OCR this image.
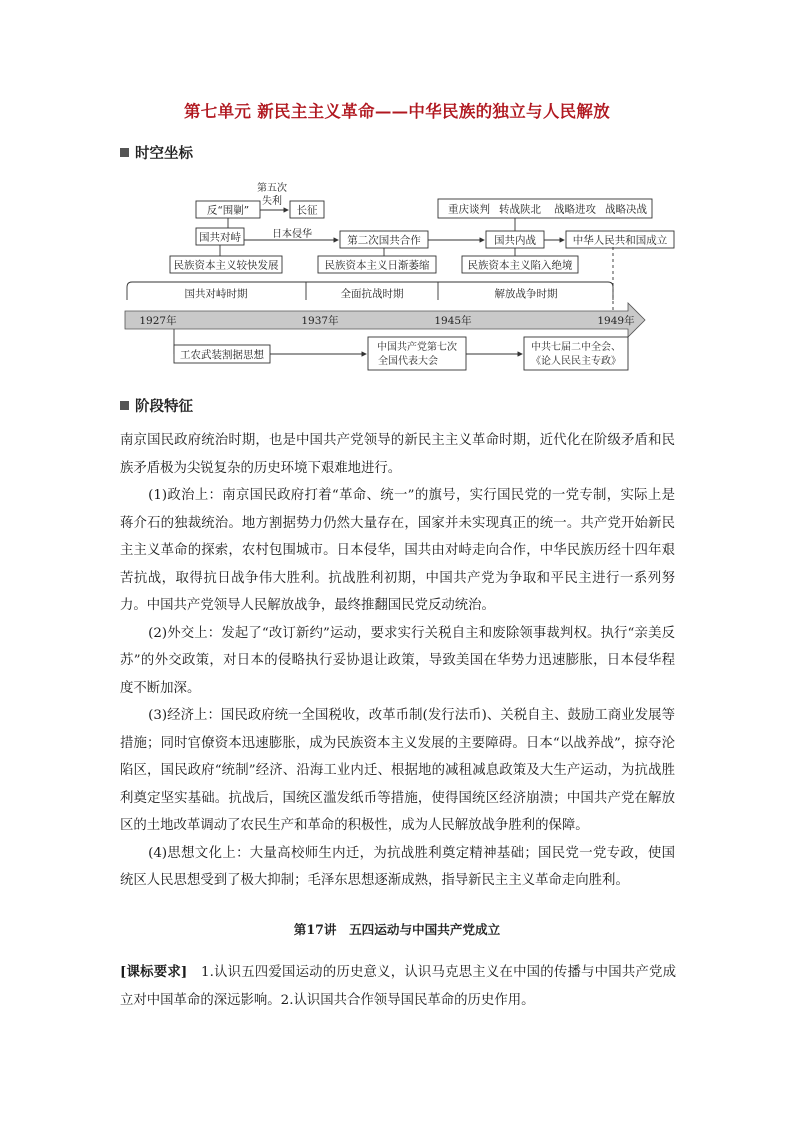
第七单元 新民主主义革命——中华民族的独立与人民解放
时空坐标
反“围剿”
第五次
失利
长征	重庆谈判 转战陕北 战略进攻 战略决战
国共对峙	日本侵华	第二次国共合作	国共内战	中华人民共和国成立
民族资本主义较快发展	民族资本主义日渐萎缩	民族资本主义陷入绝境
国共对峙时期	全面抗战时期	解放战争时期
1927年	1937年	1945年	1949年
工农武装割据思想
中国共产党第七次
全国代表大会
中共七届二中全会、
《论人民民主专政》
阶段特征

南京国民政府统治时期，也是中国共产党领导的新民主主义革命时期，近代化在阶级矛盾和民族矛盾极为尖锐复杂的历史环境下艰难地进行。

(1)政治上：南京国民政府打着“革命、统一”的旗号，实行国民党的一党专制，实际上是蒋介石的独裁统治。地方割据势力仍然大量存在，国家并未实现真正的统一。共产党开始新民主主义革命的探索，农村包围城市。日本侵华，国共由对峙走向合作，中华民族历经十四年艰苦抗战，取得抗日战争伟大胜利。抗战胜利初期，中国共产党为争取和平民主进行一系列努力。中国共产党领导人民解放战争，最终推翻国民党反动统治。

(2)外交上：发起了“改订新约”运动，要求实行关税自主和废除领事裁判权。执行“亲美反苏”的外交政策，对日本的侵略执行妥协退让政策，导致美国在华势力迅速膨胀，日本侵华程度不断加深。

(3)经济上：国民政府统一全国税收，改革币制(发行法币)、关税自主、鼓励工商业发展等措施；同时官僚资本迅速膨胀，成为民族资本主义发展的主要障碍。日本“以战养战”，掠夺沦陷区，国民政府“统制”经济、沿海工业内迁、根据地的减租减息政策及大生产运动，为抗战胜利奠定坚实基础。抗战后，国统区滥发纸币等措施，使得国统区经济崩溃；中国共产党在解放区的土地改革调动了农民生产和革命的积极性，成为人民解放战争胜利的保障。

(4)思想文化上：大量高校师生内迁，为抗战胜利奠定精神基础；国民党一党专政，使国统区人民思想受到了极大抑制；毛泽东思想逐渐成熟，指导新民主主义革命走向胜利。

第17讲　五四运动与中国共产党成立
[课标要求]　1.认识五四爱国运动的历史意义，认识马克思主义在中国的传播与中国共产党成立对中国革命的深远影响。2.认识国共合作领导国民革命的历史作用。
